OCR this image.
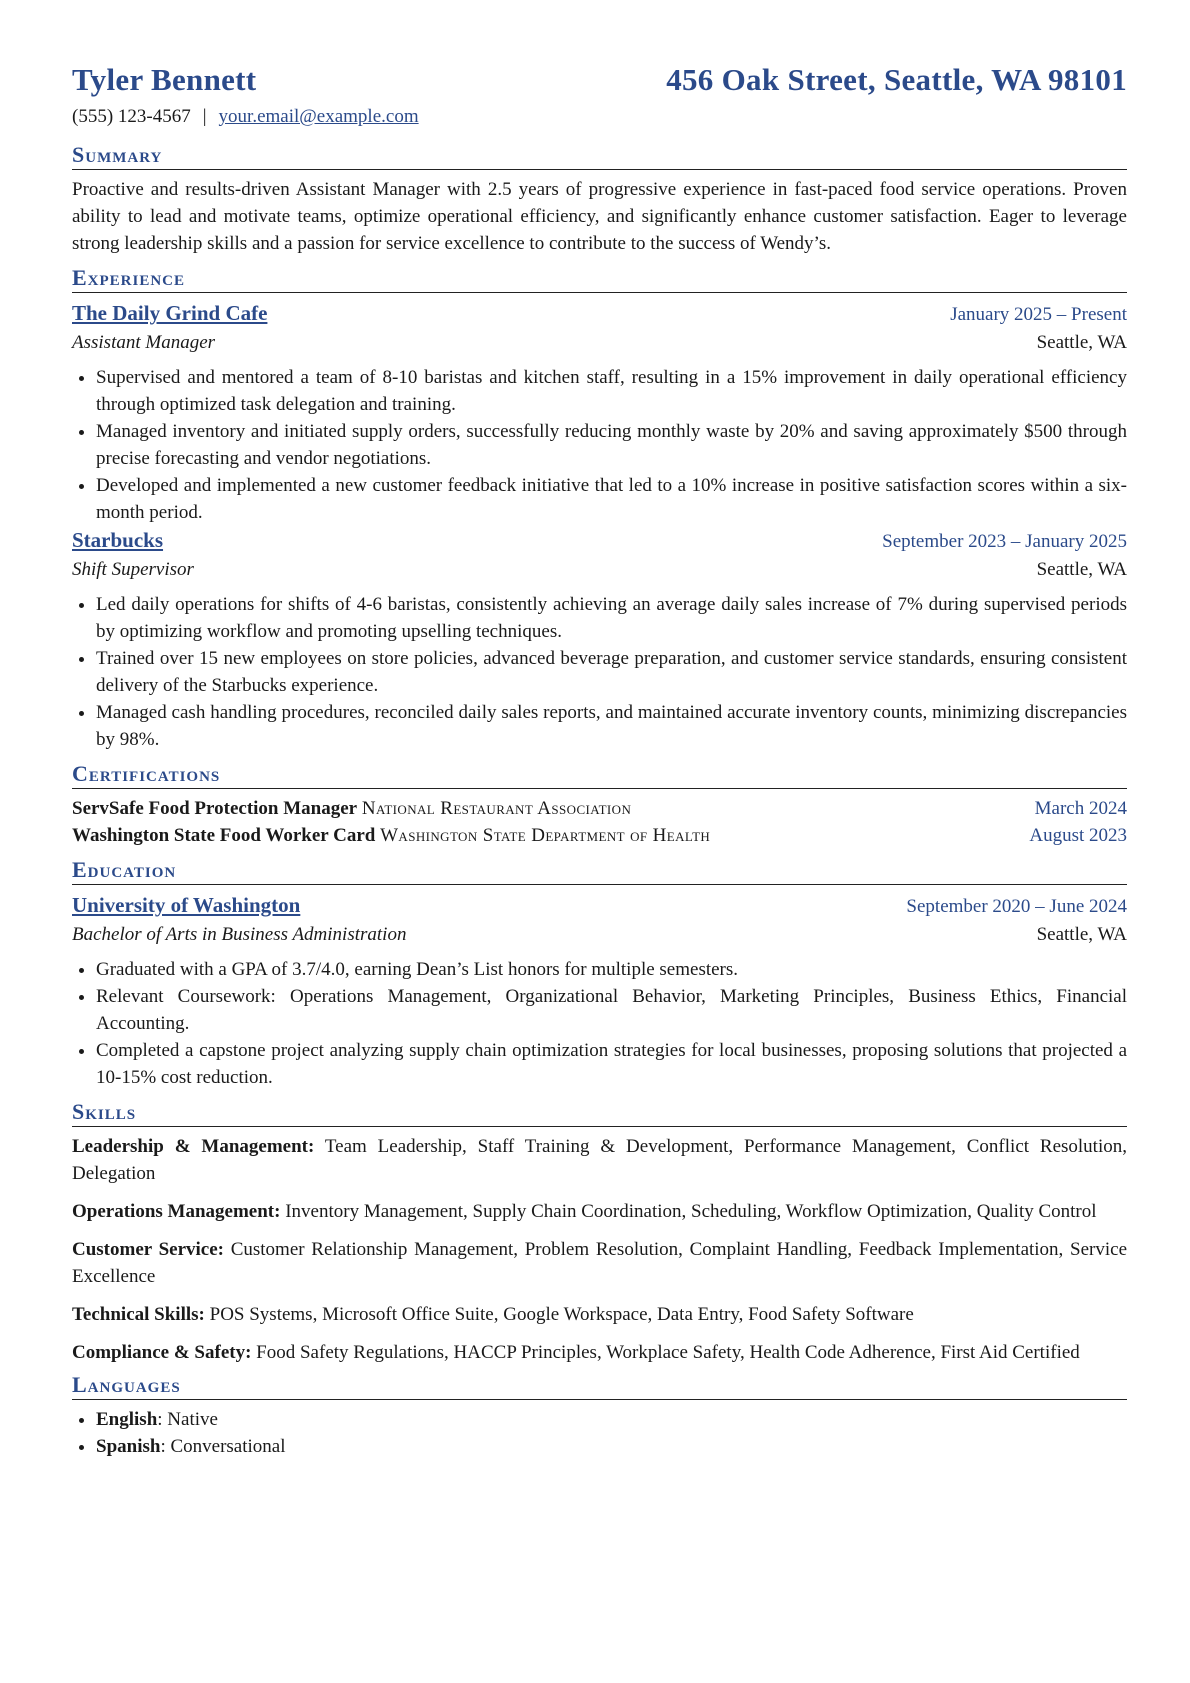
Tyler Bennett	456 Oak Street, Seattle, WA 98101
(555) 123-4567 | your.email@example.com
Summary

Proactive and results-driven Assistant Manager with 2.5 years of progressive experience in fast-paced food service operations. Proven ability to lead and motivate teams, optimize operational efficiency, and significantly enhance customer satisfaction. Eager to leverage strong leadership skills and a passion for service excellence to contribute to the success of Wendy’s.

Experience
The Daily Grind Cafe	January 2025 – Present
Assistant Manager	Seattle, WA
• Supervised and mentored a team of 8-10 baristas and kitchen staff, resulting in a 15% improvement in daily operational efficiency through optimized task delegation and training.
• Managed inventory and initiated supply orders, successfully reducing monthly waste by 20% and saving approximately $500 through precise forecasting and vendor negotiations.
• Developed and implemented a new customer feedback initiative that led to a 10% increase in positive satisfaction scores within a six-month period.
Starbucks	September 2023 – January 2025
Shift Supervisor	Seattle, WA
• Led daily operations for shifts of 4-6 baristas, consistently achieving an average daily sales increase of 7% during supervised periods by optimizing workflow and promoting upselling techniques.
• Trained over 15 new employees on store policies, advanced beverage preparation, and customer service standards, ensuring consistent delivery of the Starbucks experience.
• Managed cash handling procedures, reconciled daily sales reports, and maintained accurate inventory counts, minimizing discrepancies by 98%.
Certifications
ServSafe Food Protection Manager National Restaurant Association	March 2024
Washington State Food Worker Card Washington State Department of Health	August 2023
Education
University of Washington	September 2020 – June 2024
Bachelor of Arts in Business Administration	Seattle, WA
• Graduated with a GPA of 3.7/4.0, earning Dean’s List honors for multiple semesters.
• Relevant Coursework: Operations Management, Organizational Behavior, Marketing Principles, Business Ethics, Financial Accounting.
• Completed a capstone project analyzing supply chain optimization strategies for local businesses, proposing solutions that projected a 10-15% cost reduction.
Skills
Leadership & Management: Team Leadership, Staff Training & Development, Performance Management, Conflict Resolution, Delegation
Operations Management: Inventory Management, Supply Chain Coordination, Scheduling, Workflow Optimization, Quality Control
Customer Service: Customer Relationship Management, Problem Resolution, Complaint Handling, Feedback Implementation, Service Excellence
Technical Skills: POS Systems, Microsoft Office Suite, Google Workspace, Data Entry, Food Safety Software
Compliance & Safety: Food Safety Regulations, HACCP Principles, Workplace Safety, Health Code Adherence, First Aid Certified
Languages
• English: Native
• Spanish: Conversational
